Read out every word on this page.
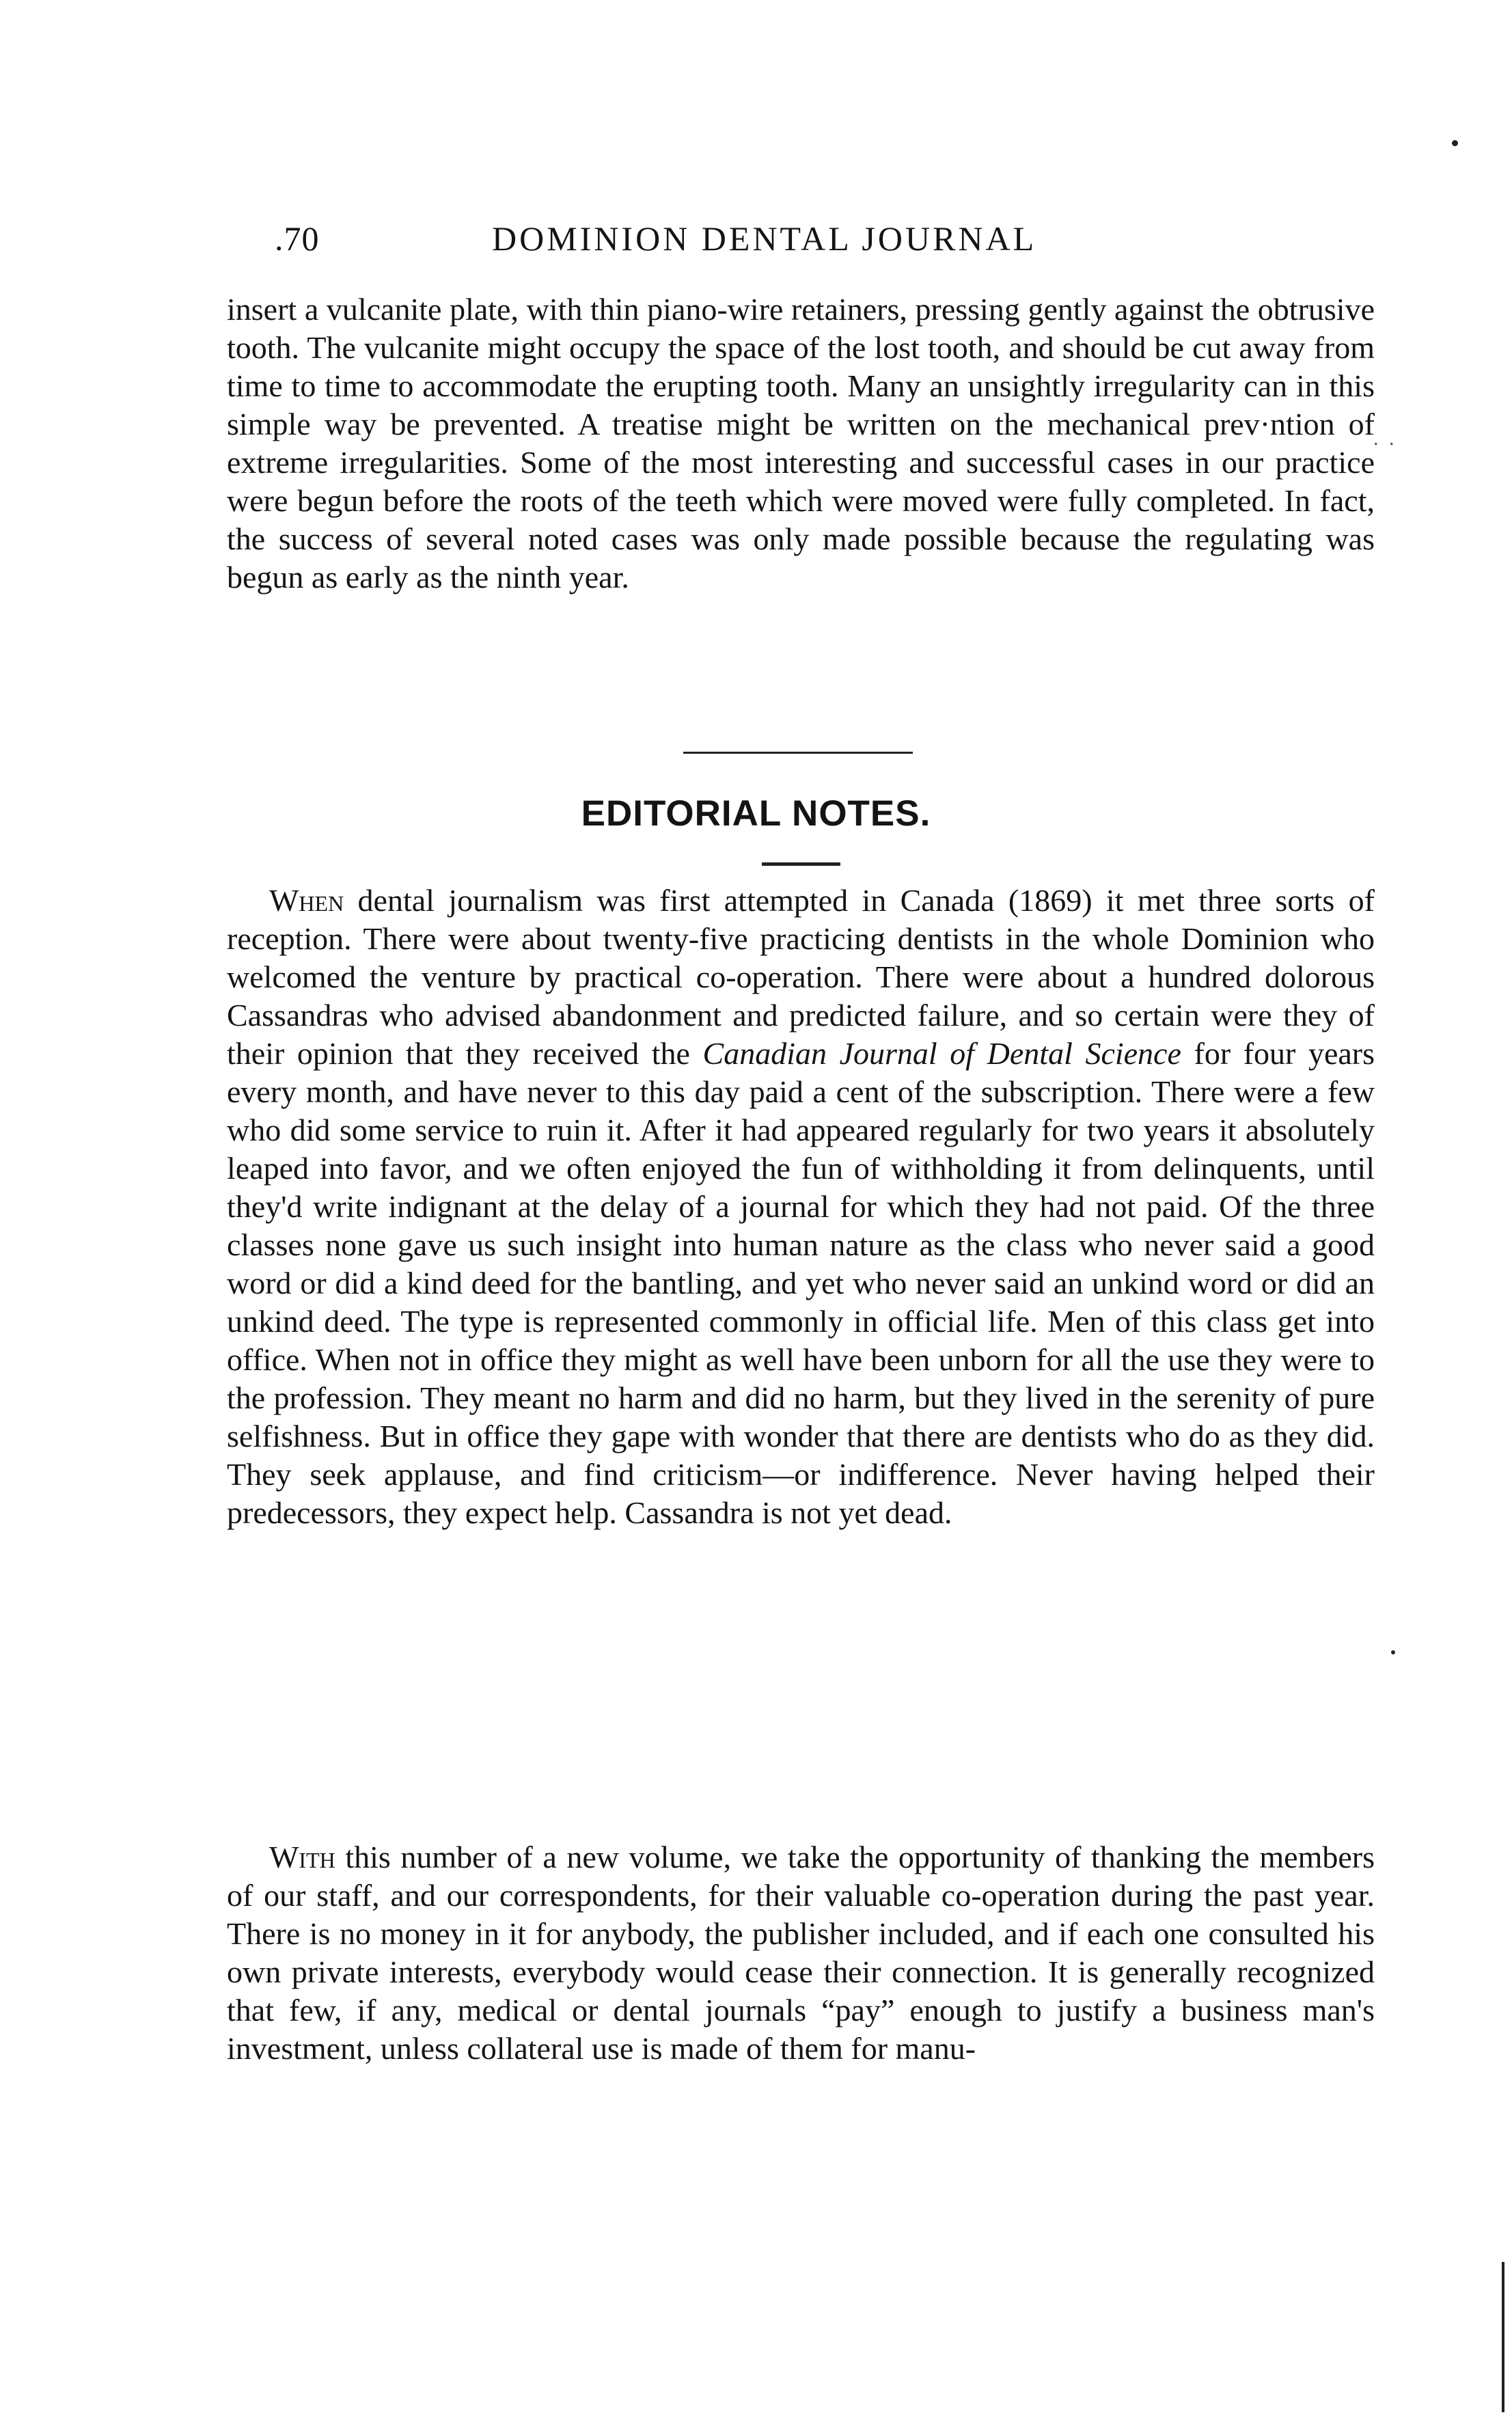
.70	DOMINION DENTAL JOURNAL
insert a vulcanite plate, with thin piano-wire retainers, pressing gently against the obtrusive tooth. The vulcanite might occupy the space of the lost tooth, and should be cut away from time to time to accommodate the erupting tooth. Many an unsightly irregularity can in this simple way be prevented. A treatise might be written on the mechanical prev·ntion of extreme irregularities. Some of the most interesting and successful cases in our practice were begun before the roots of the teeth which were moved were fully completed. In fact, the success of several noted cases was only made possible because the regulating was begun as early as the ninth year.
. .
EDITORIAL NOTES.
When dental journalism was first attempted in Canada (1869) it met three sorts of reception. There were about twenty-five practicing dentists in the whole Dominion who welcomed the venture by practical co-operation. There were about a hundred dolorous Cassandras who advised abandonment and predicted failure, and so certain were they of their opinion that they received the Canadian Journal of Dental Science for four years every month, and have never to this day paid a cent of the subscription. There were a few who did some service to ruin it. After it had appeared regularly for two years it absolutely leaped into favor, and we often enjoyed the fun of withholding it from delinquents, until they'd write indignant at the delay of a journal for which they had not paid. Of the three classes none gave us such insight into human nature as the class who never said a good word or did a kind deed for the bantling, and yet who never said an unkind word or did an unkind deed. The type is represented commonly in official life. Men of this class get into office. When not in office they might as well have been unborn for all the use they were to the profession. They meant no harm and did no harm, but they lived in the serenity of pure selfishness. But in office they gape with wonder that there are dentists who do as they did. They seek applause, and find criticism—or indifference. Never having helped their predecessors, they expect help. Cassandra is not yet dead.
With this number of a new volume, we take the opportunity of thanking the members of our staff, and our correspondents, for their valuable co-operation during the past year. There is no money in it for anybody, the publisher included, and if each one consulted his own private interests, everybody would cease their connection. It is generally recognized that few, if any, medical or dental journals “pay” enough to justify a business man's investment, unless collateral use is made of them for manu-
